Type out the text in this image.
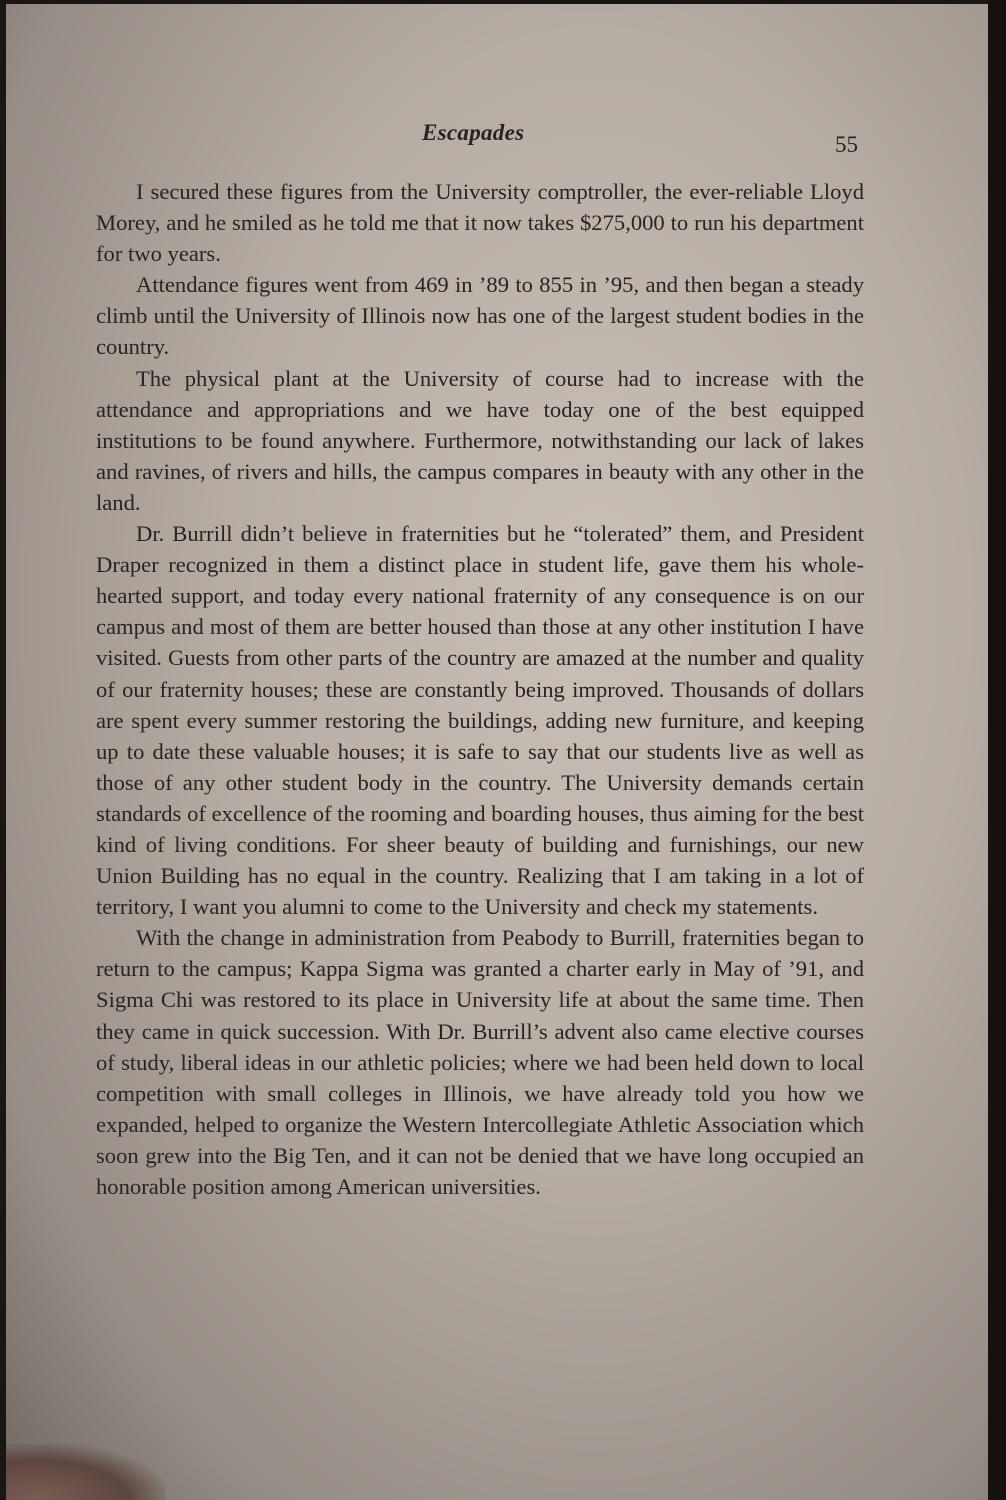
Escapades	55

I secured these figures from the University comptroller, the ever-reliable Lloyd Morey, and he smiled as he told me that it now takes $275,000 to run his department for two years.

Attendance figures went from 469 in ’89 to 855 in ’95, and then began a steady climb until the University of Illinois now has one of the largest student bodies in the country.

The physical plant at the University of course had to increase with the attendance and appropriations and we have today one of the best equipped institutions to be found anywhere. Furthermore, notwithstanding our lack of lakes and ravines, of rivers and hills, the campus compares in beauty with any other in the land.

Dr. Burrill didn’t believe in fraternities but he “tolerated” them, and President Draper recognized in them a distinct place in student life, gave them his whole-hearted support, and today every national fraternity of any consequence is on our campus and most of them are better housed than those at any other institution I have visited. Guests from other parts of the country are amazed at the number and quality of our fraternity houses; these are constantly being improved. Thousands of dollars are spent every summer restoring the buildings, adding new furniture, and keeping up to date these valuable houses; it is safe to say that our students live as well as those of any other student body in the country. The University demands certain standards of excellence of the rooming and boarding houses, thus aiming for the best kind of living conditions. For sheer beauty of building and furnishings, our new Union Building has no equal in the country. Realizing that I am taking in a lot of territory, I want you alumni to come to the University and check my statements.

With the change in administration from Peabody to Burrill, fraternities began to return to the campus; Kappa Sigma was granted a charter early in May of ’91, and Sigma Chi was restored to its place in University life at about the same time. Then they came in quick succession. With Dr. Burrill’s advent also came elective courses of study, liberal ideas in our athletic policies; where we had been held down to local competition with small colleges in Illinois, we have already told you how we expanded, helped to organize the Western Intercollegiate Athletic Association which soon grew into the Big Ten, and it can not be denied that we have long occupied an honorable position among American universities.
